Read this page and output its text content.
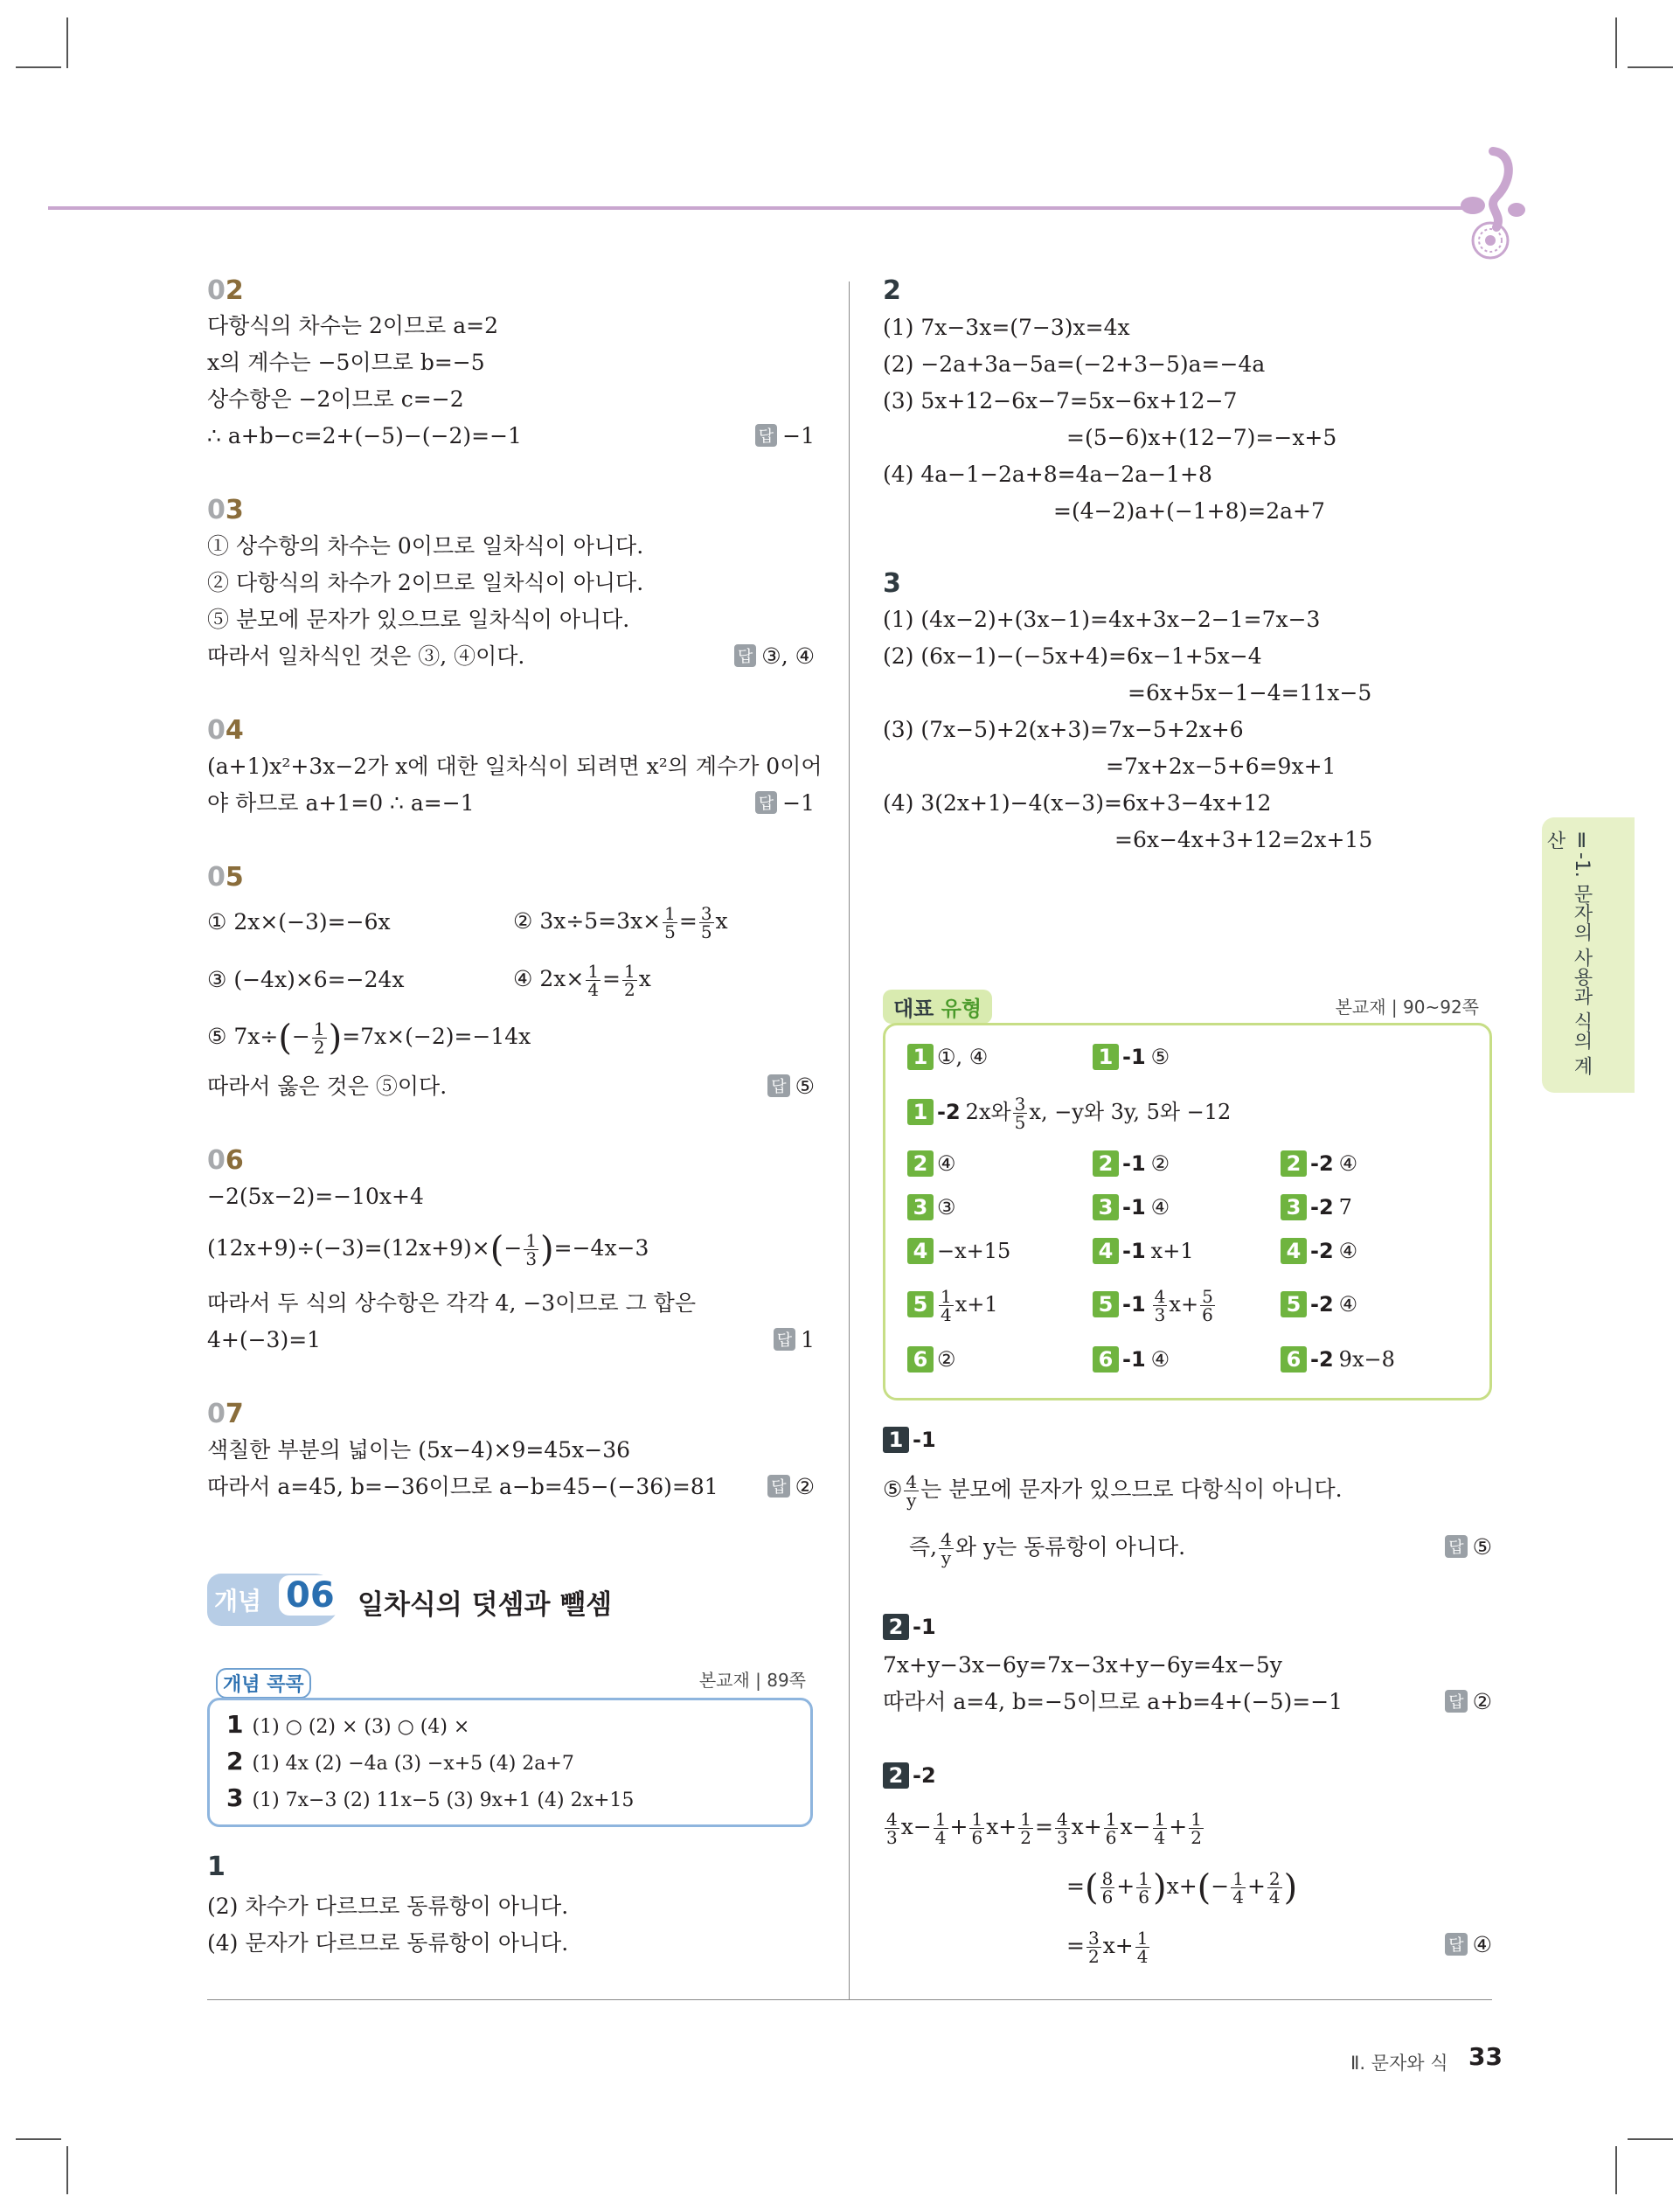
02
다항식의 차수는 2이므로 a=2
x의 계수는 −5이므로 b=−5
상수항은 −2이므로 c=−2
∴ a+b−c=2+(−5)−(−2)=−1	답 −1
03
① 상수항의 차수는 0이므로 일차식이 아니다.
② 다항식의 차수가 2이므로 일차식이 아니다.
⑤ 분모에 문자가 있으므로 일차식이 아니다.
따라서 일차식인 것은 ③, ④이다.	답 ③, ④
04
(a+1)x²+3x−2가 x에 대한 일차식이 되려면 x²의 계수가 0이어
야 하므로 a+1=0 ∴ a=−1	답 −1
05
① 2x×(−3)=−6x	② $3x\div 5=3x\times \frac{1}{5} = \frac{3}{5}$ x
③ (−4x)×6=−24x	④ $2x\times \frac{1}{4} = \frac{1}{2}$ x
⑤ $7x\div(- \frac{1}{2} )=7x\times(-2)=-14x$
따라서 옳은 것은 ⑤이다.	답 ⑤
06
−2(5x−2)=−10x+4
$(12x+9)\div(-3)=(12x+9)\times(- \frac{1}{3} )=-4x-3$
따라서 두 식의 상수항은 각각 4, −3이므로 그 합은
4+(−3)=1	답 1
07
색칠한 부분의 넓이는 (5x−4)×9=45x−36
따라서 a=45, b=−36이므로 a−b=45−(−36)=81	답 ②
개념 06 일차식의 덧셈과 뺄셈
개념 콕콕	본교재 | 89쪽
1 (1) ○ (2) × (3) ○ (4) ×
2 (1) 4x (2) −4a (3) −x+5 (4) 2a+7
3 (1) 7x−3 (2) 11x−5 (3) 9x+1 (4) 2x+15
1
(2) 차수가 다르므로 동류항이 아니다.
(4) 문자가 다르므로 동류항이 아니다.
2
(1) 7x−3x=(7−3)x=4x
(2) −2a+3a−5a=(−2+3−5)a=−4a
(3) 5x+12−6x−7=5x−6x+12−7
=(5−6)x+(12−7)=−x+5
(4) 4a−1−2a+8=4a−2a−1+8
=(4−2)a+(−1+8)=2a+7
3
(1) (4x−2)+(3x−1)=4x+3x−2−1=7x−3
(2) (6x−1)−(−5x+4)=6x−1+5x−4
=6x+5x−1−4=11x−5
(3) (7x−5)+2(x+3)=7x−5+2x+6
=7x+2x−5+6=9x+1
(4) 3(2x+1)−4(x−3)=6x+3−4x+12
=6x−4x+3+12=2x+15
대표 유형	본교재 | 90~92쪽
1 ①, ④	1 -1 ⑤
1 -2 2x와 $\frac{3}{5} x$, −y와 3y, 5와 −12
2 ④	2 -1 ②	2 -2 ④
3 ③	3 -1 ④	3 -2 7
4 −x+15	4 -1 x+1	4 -2 ④
$5 \frac{1}{4} x+1$	5 $-1 \frac{4}{3} x+ \frac{5}{6}$	5 -2 ④
6 ②	6 -1 ④	6 -2 9x−8
1 -1
⑤ $\frac{4}{y}$ 는 분모에 문자가 있으므로 다항식이 아니다.
즉, $\frac{4}{y}$ 와 y는 동류항이 아니다.	답 ⑤
2 -1
7x+y−3x−6y=7x−3x+y−6y=4x−5y
따라서 a=4, b=−5이므로 a+b=4+(−5)=−1	답 ②
2 -2
$\frac{4}{3} x- \frac{1}{4} + \frac{1}{6} x+ \frac{1}{2} = \frac{4}{3} x+ \frac{1}{6} x- \frac{1}{4} + \frac{1}{2}$
=( $\frac{8}{6} + \frac{1}{6} )x+(- \frac{1}{4} + \frac{2}{4}$ )
= $\frac{3}{2} x+ \frac{1}{4}$	답 ④
Ⅱ-1. 문자의 사용과 식의 계산
Ⅱ. 문자와 식 33
